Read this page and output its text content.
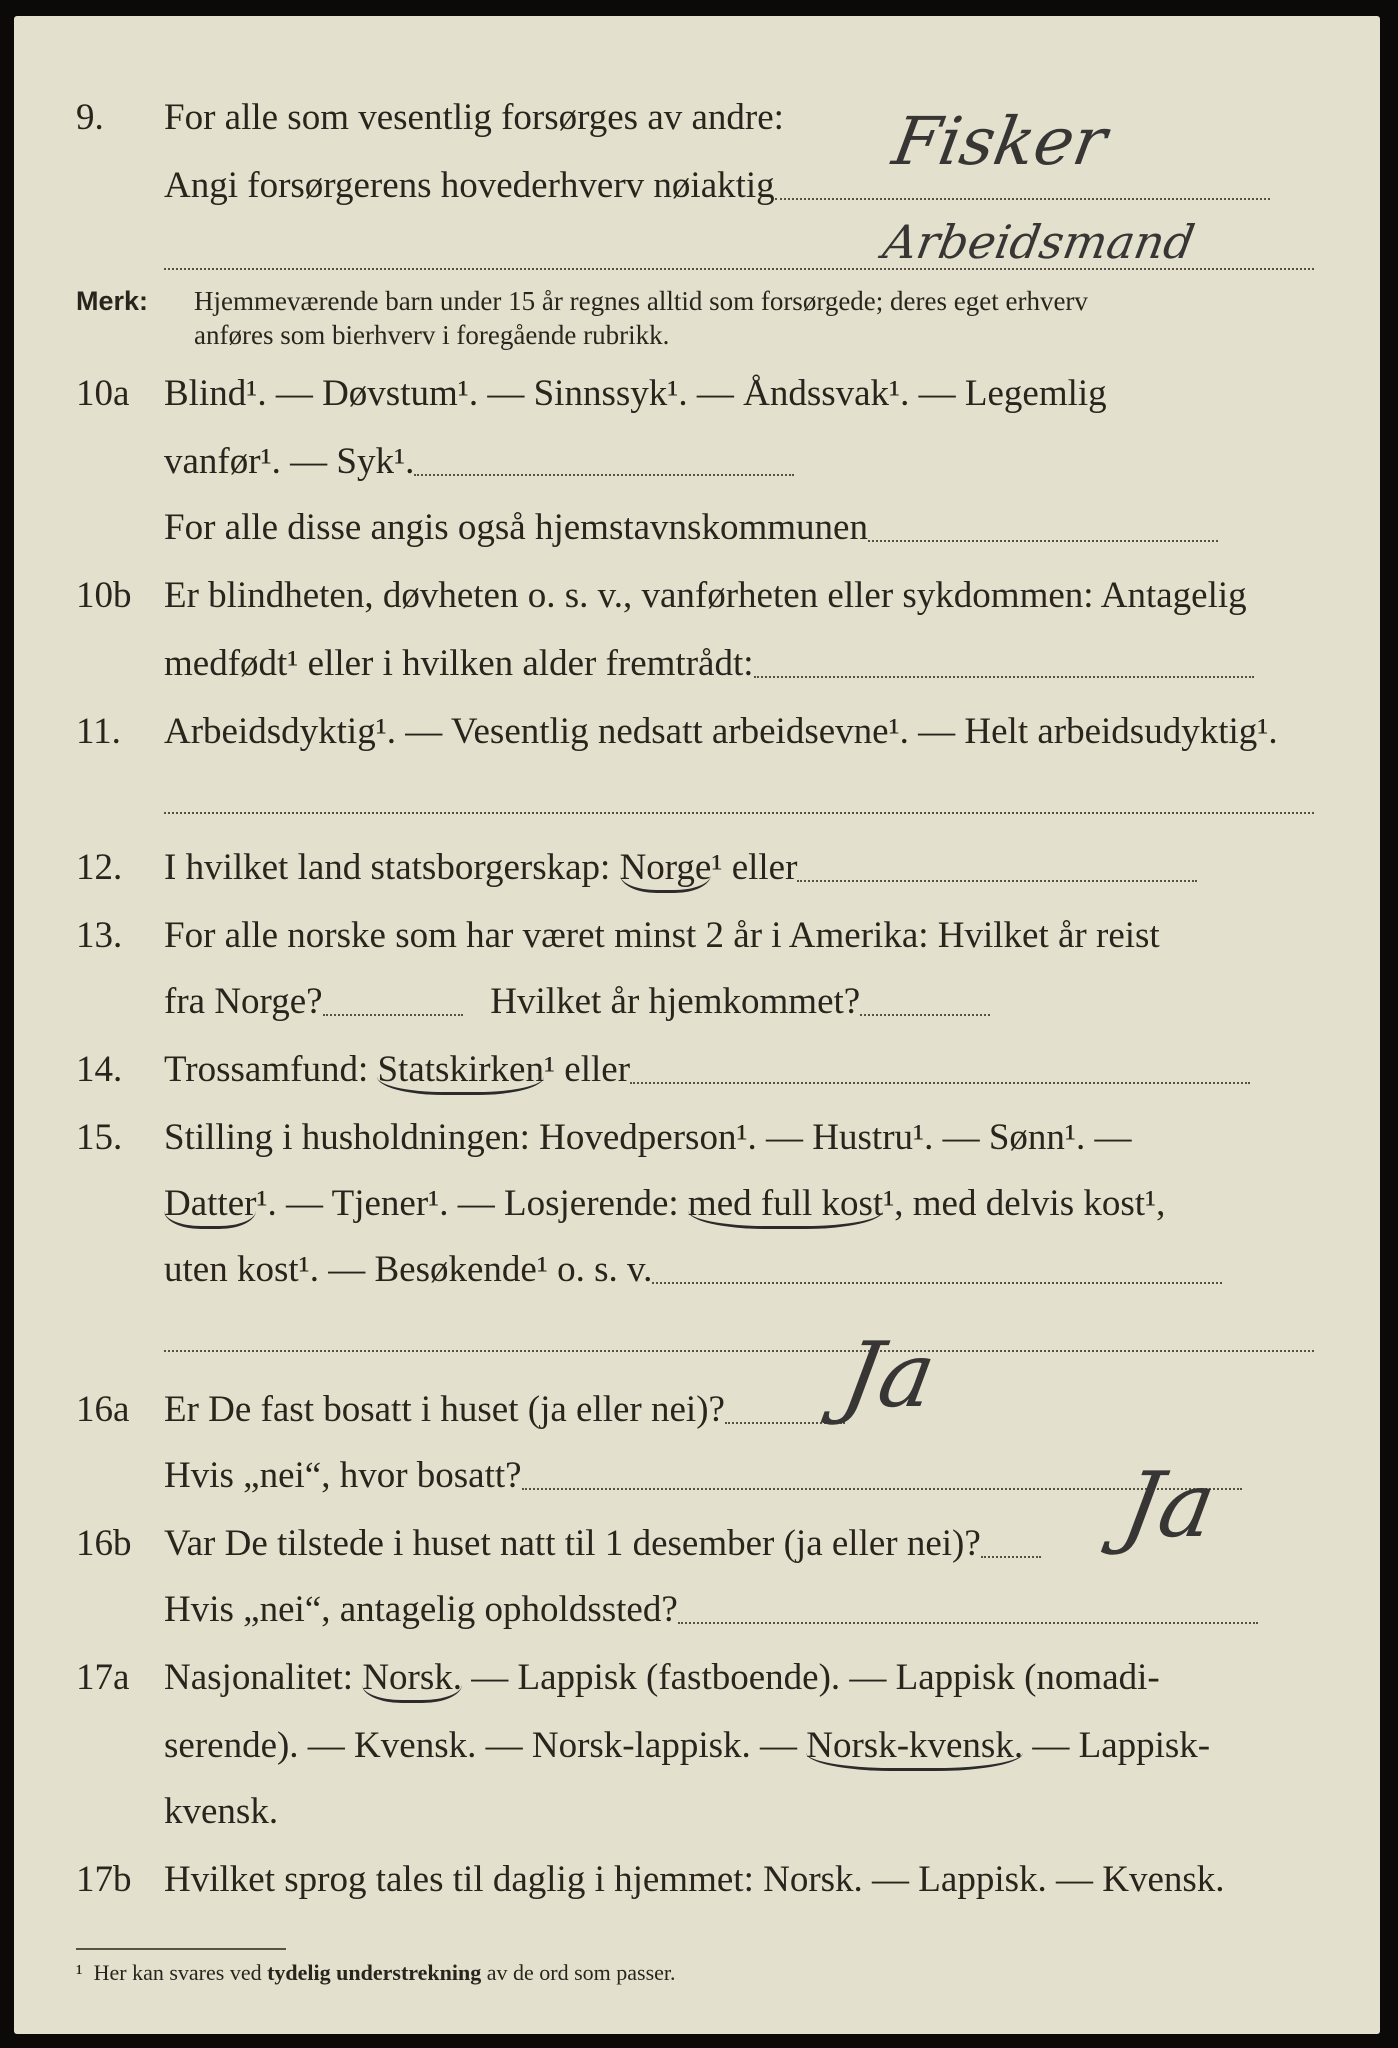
9. For alle som vesentlig forsørges av andre:
Angi forsørgerens hovederhverv nøiaktig
Fisker
Arbeidsmand
Merk: Hjemmeværende barn under 15 år regnes alltid som forsørgede; deres eget erhverv
anføres som bierhverv i foregående rubrikk.
10a Blind¹. — Døvstum¹. — Sinnssyk¹. — Åndssvak¹. — Legemlig
vanfør¹. — Syk¹.
For alle disse angis også hjemstavnskommunen
10b Er blindheten, døvheten o. s. v., vanførheten eller sykdommen: Antagelig
medfødt¹ eller i hvilken alder fremtrådt:
11. Arbeidsdyktig¹. — Vesentlig nedsatt arbeidsevne¹. — Helt arbeidsudyktig¹.
12. I hvilket land statsborgerskap: Norge¹ eller
13. For alle norske som har været minst 2 år i Amerika: Hvilket år reist
fra Norge?	Hvilket år hjemkommet?
14. Trossamfund: Statskirken¹ eller
15. Stilling i husholdningen: Hovedperson¹. — Hustru¹. — Sønn¹. —
Datter¹. — Tjener¹. — Losjerende: med full kost¹, med delvis kost¹,
uten kost¹. — Besøkende¹ o. s. v.
16a Er De fast bosatt i huset (ja eller nei)?	Ja
Hvis „nei“, hvor bosatt?
16b Var De tilstede i huset natt til 1 desember (ja eller nei)?	Ja
Hvis „nei“, antagelig opholdssted?
17a Nasjonalitet: Norsk. — Lappisk (fastboende). — Lappisk (nomadi-
serende). — Kvensk. — Norsk-lappisk. — Norsk-kvensk. — Lappisk-
kvensk.
17b Hvilket sprog tales til daglig i hjemmet: Norsk. — Lappisk. — Kvensk.
¹ Her kan svares ved tydelig understrekning av de ord som passer.
